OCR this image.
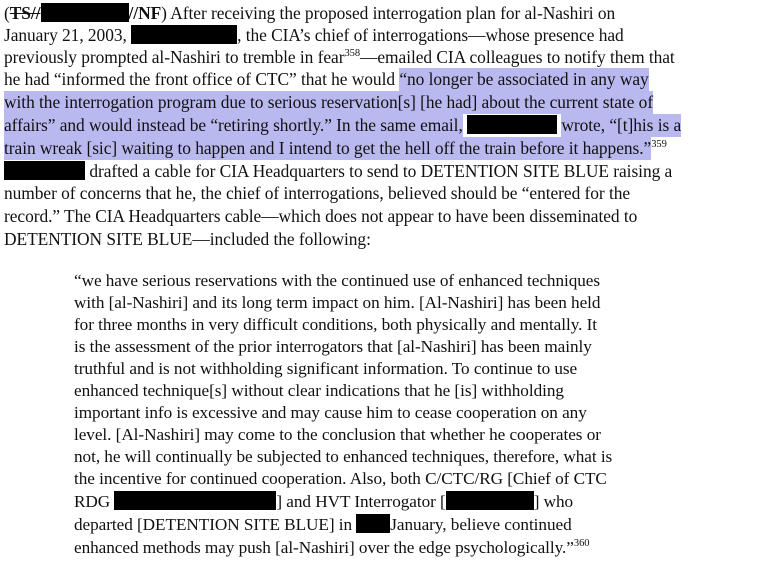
(TS//	//NF) After receiving the proposed interrogation plan for al-Nashiri on
January 21, 2003,	, the CIA’s chief of interrogations—whose presence had
previously prompted al-Nashiri to tremble in fear$^{358}$—emailed CIA colleagues to notify them that
he had “informed the front office of CTC” that he would “no longer be associated in any way
with the interrogation program due to serious reservation[s] [he had] about the current state of
affairs” and would instead be “retiring shortly.” In the same email,	wrote, “[t]his is a
train wreak [sic] waiting to happen and I intend to get the hell off the train before it happens.”$^{359}$
drafted a cable for CIA Headquarters to send to DETENTION SITE BLUE raising a
number of concerns that he, the chief of interrogations, believed should be “entered for the
record.” The CIA Headquarters cable—which does not appear to have been disseminated to
DETENTION SITE BLUE—included the following:
“we have serious reservations with the continued use of enhanced techniques
with [al-Nashiri] and its long term impact on him. [Al-Nashiri] has been held
for three months in very difficult conditions, both physically and mentally. It
is the assessment of the prior interrogators that [al-Nashiri] has been mainly
truthful and is not withholding significant information. To continue to use
enhanced technique[s] without clear indications that he [is] withholding
important info is excessive and may cause him to cease cooperation on any
level. [Al-Nashiri] may come to the conclusion that whether he cooperates or
not, he will continually be subjected to enhanced techniques, therefore, what is
the incentive for continued cooperation. Also, both C/CTC/RG [Chief of CTC
RDG	] and HVT Interrogator [	] who
departed [DETENTION SITE BLUE] in January, believe continued
enhanced methods may push [al-Nashiri] over the edge psychologically.”$^{360}$
